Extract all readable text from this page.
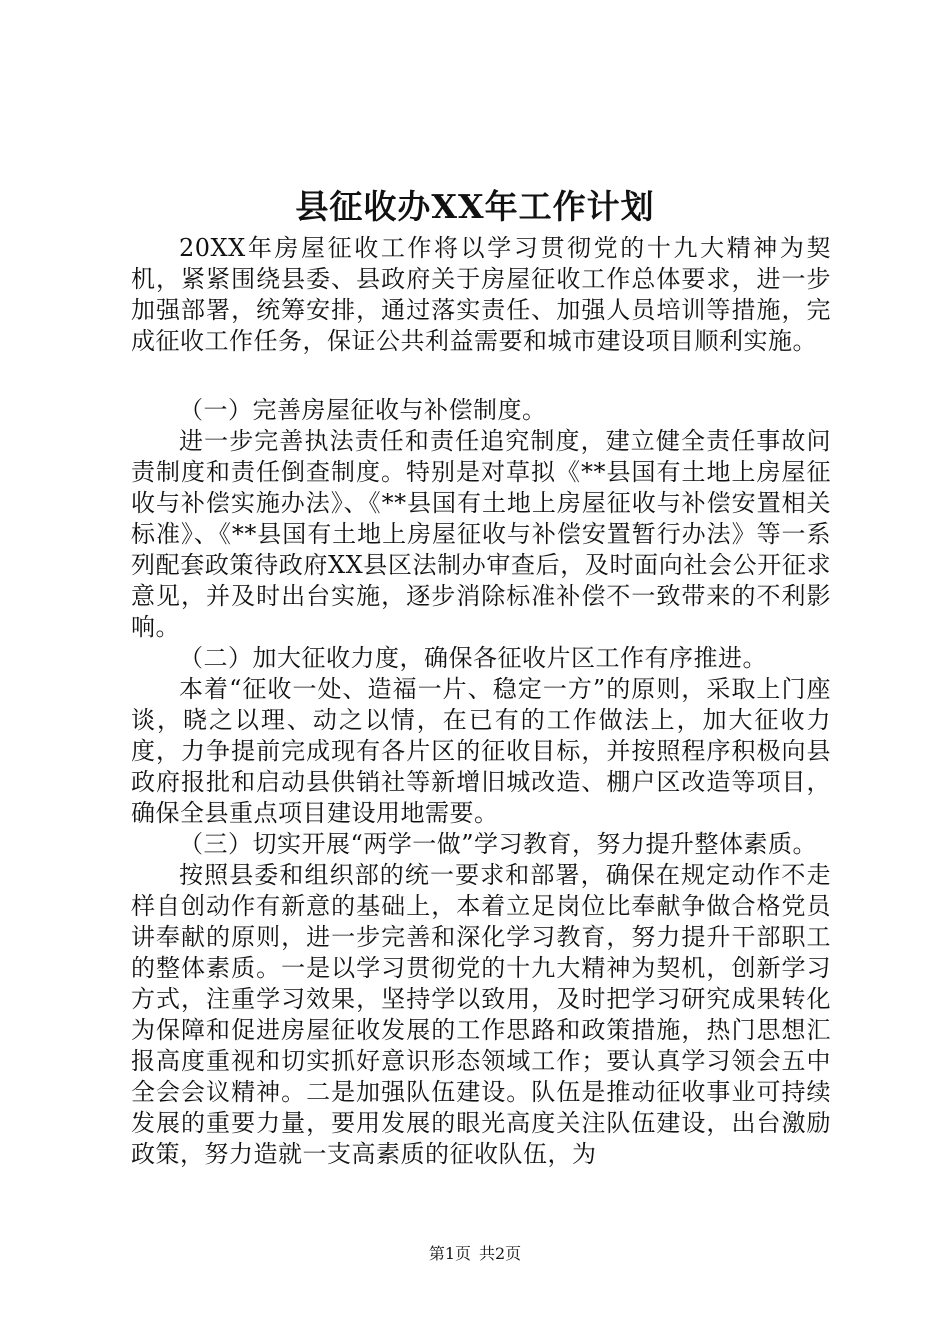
县征收办XX年工作计划

20XX年房屋征收工作将以学习贯彻党的十九大精神为契机，紧紧围绕县委、县政府关于房屋征收工作总体要求，进一步加强部署，统筹安排，通过落实责任、加强人员培训等措施，完成征收工作任务，保证公共利益需要和城市建设项目顺利实施。

（一）完善房屋征收与补偿制度。

进一步完善执法责任和责任追究制度，建立健全责任事故问责制度和责任倒查制度。特别是对草拟《**县国有土地上房屋征收与补偿实施办法》、《**县国有土地上房屋征收与补偿安置相关标准》、《**县国有土地上房屋征收与补偿安置暂行办法》等一系列配套政策待政府XX县区法制办审查后，及时面向社会公开征求意见，并及时出台实施，逐步消除标准补偿不一致带来的不利影响。

（二）加大征收力度，确保各征收片区工作有序推进。

本着“征收一处、造福一片、稳定一方”的原则，采取上门座谈，晓之以理、动之以情，在已有的工作做法上，加大征收力度，力争提前完成现有各片区的征收目标，并按照程序积极向县政府报批和启动县供销社等新增旧城改造、棚户区改造等项目，确保全县重点项目建设用地需要。

（三）切实开展“两学一做”学习教育，努力提升整体素质。

按照县委和组织部的统一要求和部署，确保在规定动作不走样自创动作有新意的基础上，本着立足岗位比奉献争做合格党员讲奉献的原则，进一步完善和深化学习教育，努力提升干部职工的整体素质。一是以学习贯彻党的十九大精神为契机，创新学习方式，注重学习效果，坚持学以致用，及时把学习研究成果转化为保障和促进房屋征收发展的工作思路和政策措施，热门思想汇报高度重视和切实抓好意识形态领域工作；要认真学习领会五中全会会议精神。二是加强队伍建设。队伍是推动征收事业可持续发展的重要力量，要用发展的眼光高度关注队伍建设，出台激励政策，努力造就一支高素质的征收队伍，为

第1页 共2页
